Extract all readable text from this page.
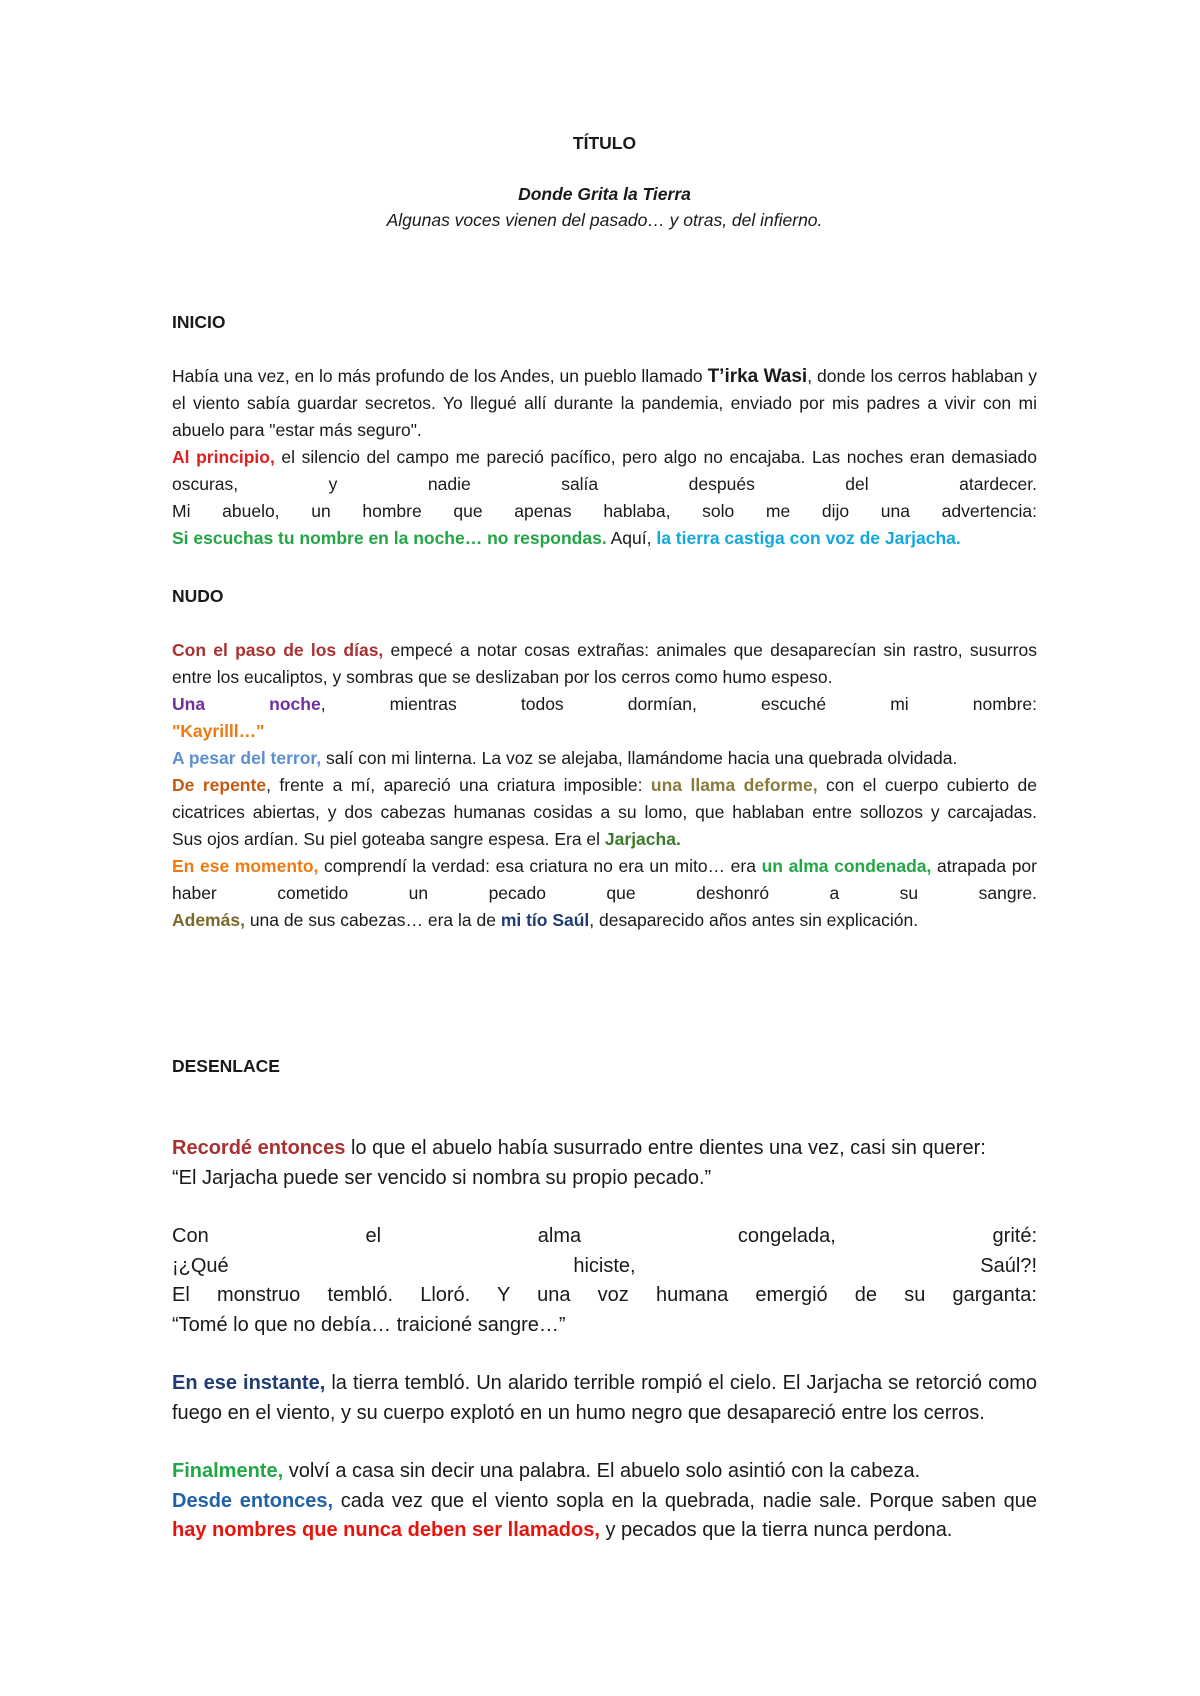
TÍTULO
Donde Grita la Tierra
Algunas voces vienen del pasado… y otras, del infierno.
INICIO

Había una vez, en lo más profundo de los Andes, un pueblo llamado T’irka Wasi, donde los cerros hablaban y el viento sabía guardar secretos. Yo llegué allí durante la pandemia, enviado por mis padres a vivir con mi abuelo para "estar más seguro".

Al principio, el silencio del campo me pareció pacífico, pero algo no encajaba. Las noches eran demasiado oscuras, y nadie salía después del atardecer.

Mi abuelo, un hombre que apenas hablaba, solo me dijo una advertencia:

Si escuchas tu nombre en la noche… no respondas. Aquí, la tierra castiga con voz de Jarjacha.

NUDO

Con el paso de los días, empecé a notar cosas extrañas: animales que desaparecían sin rastro, susurros entre los eucaliptos, y sombras que se deslizaban por los cerros como humo espeso.

Una noche, mientras todos dormían, escuché mi nombre:

"Kayrilll…"

A pesar del terror, salí con mi linterna. La voz se alejaba, llamándome hacia una quebrada olvidada.

De repente, frente a mí, apareció una criatura imposible: una llama deforme, con el cuerpo cubierto de cicatrices abiertas, y dos cabezas humanas cosidas a su lomo, que hablaban entre sollozos y carcajadas.

Sus ojos ardían. Su piel goteaba sangre espesa. Era el Jarjacha.

En ese momento, comprendí la verdad: esa criatura no era un mito… era un alma condenada, atrapada por haber cometido un pecado que deshonró a su sangre.

Además, una de sus cabezas… era la de mi tío Saúl, desaparecido años antes sin explicación.

DESENLACE

Recordé entonces lo que el abuelo había susurrado entre dientes una vez, casi sin querer:

“El Jarjacha puede ser vencido si nombra su propio pecado.”

Con el alma congelada, grité:

¡¿Qué hiciste, Saúl?!

El monstruo tembló. Lloró. Y una voz humana emergió de su garganta:

“Tomé lo que no debía… traicioné sangre…”

En ese instante, la tierra tembló. Un alarido terrible rompió el cielo. El Jarjacha se retorció como fuego en el viento, y su cuerpo explotó en un humo negro que desapareció entre los cerros.

Finalmente, volví a casa sin decir una palabra. El abuelo solo asintió con la cabeza.

Desde entonces, cada vez que el viento sopla en la quebrada, nadie sale. Porque saben que hay nombres que nunca deben ser llamados, y pecados que la tierra nunca perdona.
